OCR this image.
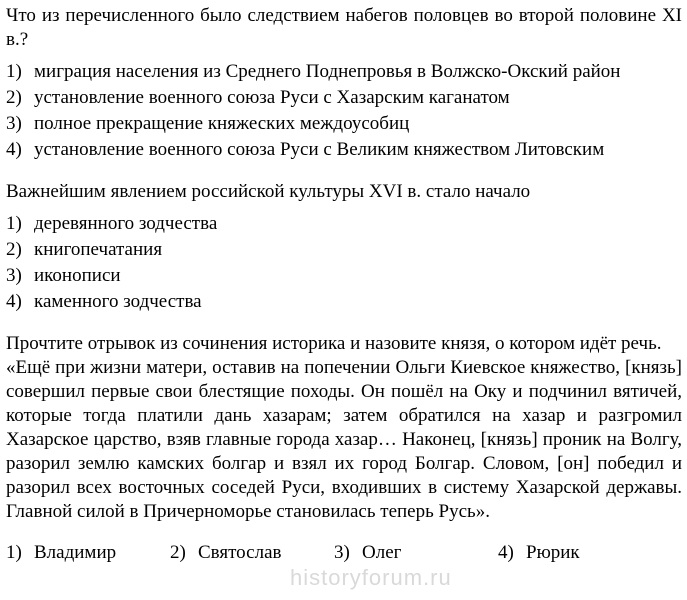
Что из перечисленного было следствием набегов половцев во второй половине XI в.?
1) миграция населения из Среднего Поднепровья в Волжско-Окский район
2) установление военного союза Руси с Хазарским каганатом
3) полное прекращение княжеских междоусобиц
4) установление военного союза Руси с Великим княжеством Литовским
Важнейшим явлением российской культуры XVI в. стало начало
1) деревянного зодчества
2) книгопечатания
3) иконописи
4) каменного зодчества
Прочтите отрывок из сочинения историка и назовите князя, о котором идёт речь.
«Ещё при жизни матери, оставив на попечении Ольги Киевское княжество, [князь] совершил первые свои блестящие походы. Он пошёл на Оку и подчинил вятичей, которые тогда платили дань хазарам; затем обратился на хазар и разгромил Хазарское царство, взяв главные города хазар… Наконец, [князь] проник на Волгу, разорил землю камских болгар и взял их город Болгар. Словом, [он] победил и разорил всех восточных соседей Руси, входивших в систему Хазарской державы. Главной силой в Причерноморье становилась теперь Русь».
1) Владимир	2) Святослав	3) Олег	4) Рюрик
historyforum.ru
